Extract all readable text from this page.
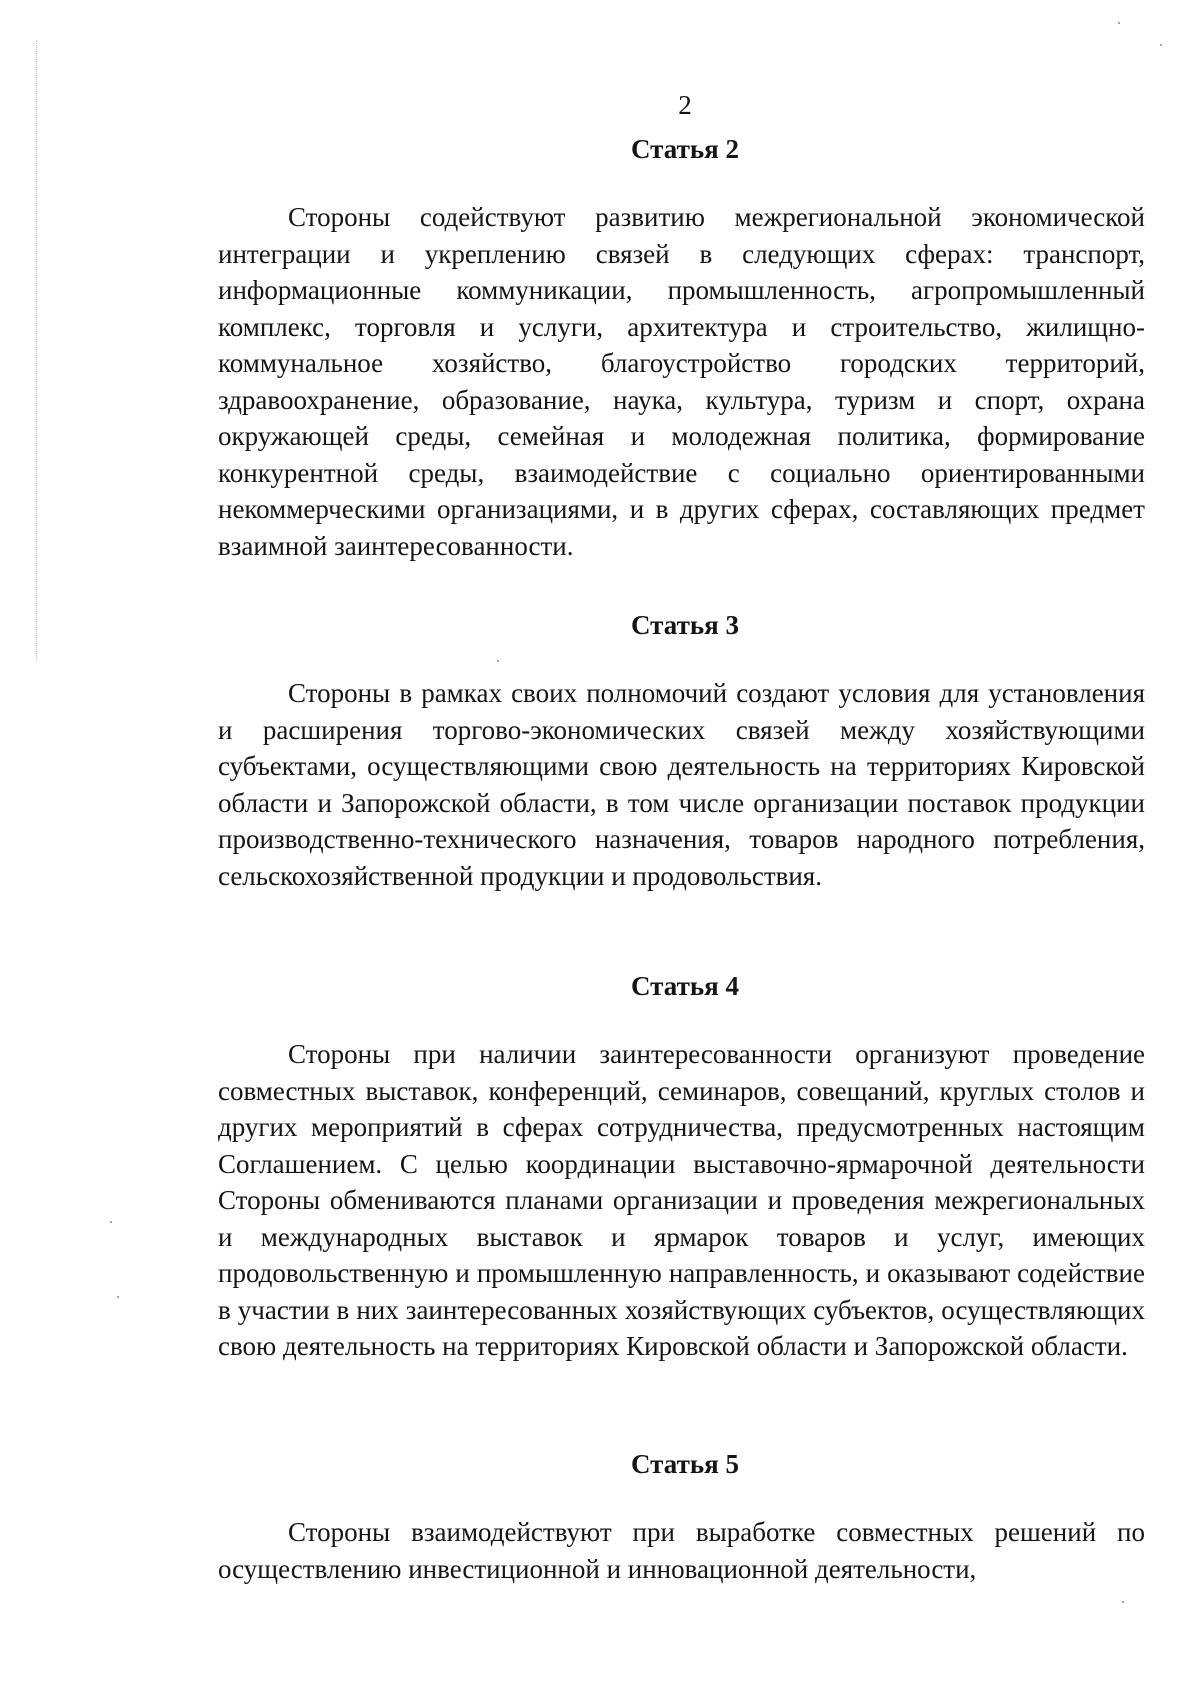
2

Статья 2

Стороны содействуют развитию межрегиональной экономической интеграции и укреплению связей в следующих сферах: транспорт, информационные коммуникации, промышленность, агропромышленный комплекс, торговля и услуги, архитектура и строительство, жилищно-коммунальное хозяйство, благоустройство городских территорий, здравоохранение, образование, наука, культура, туризм и спорт, охрана окружающей среды, семейная и молодежная политика, формирование конкурентной среды, взаимодействие с социально ориентированными некоммерческими организациями, и в других сферах, составляющих предмет взаимной заинтересованности.

Статья 3

Стороны в рамках своих полномочий создают условия для установления и расширения торгово-экономических связей между хозяйствующими субъектами, осуществляющими свою деятельность на территориях Кировской области и Запорожской области, в том числе организации поставок продукции производственно-технического назначения, товаров народного потребления, сельскохозяйственной продукции и продовольствия.

Статья 4

Стороны при наличии заинтересованности организуют проведение совместных выставок, конференций, семинаров, совещаний, круглых столов и других мероприятий в сферах сотрудничества, предусмотренных настоящим Соглашением. С целью координации выставочно-ярмарочной деятельности Стороны обмениваются планами организации и проведения межрегиональных и международных выставок и ярмарок товаров и услуг, имеющих продовольственную и промышленную направленность, и оказывают содействие в участии в них заинтересованных хозяйствующих субъектов, осуществляющих свою деятельность на территориях Кировской области и Запорожской области.

Статья 5

Стороны взаимодействуют при выработке совместных решений по осуществлению инвестиционной и инновационной деятельности,
